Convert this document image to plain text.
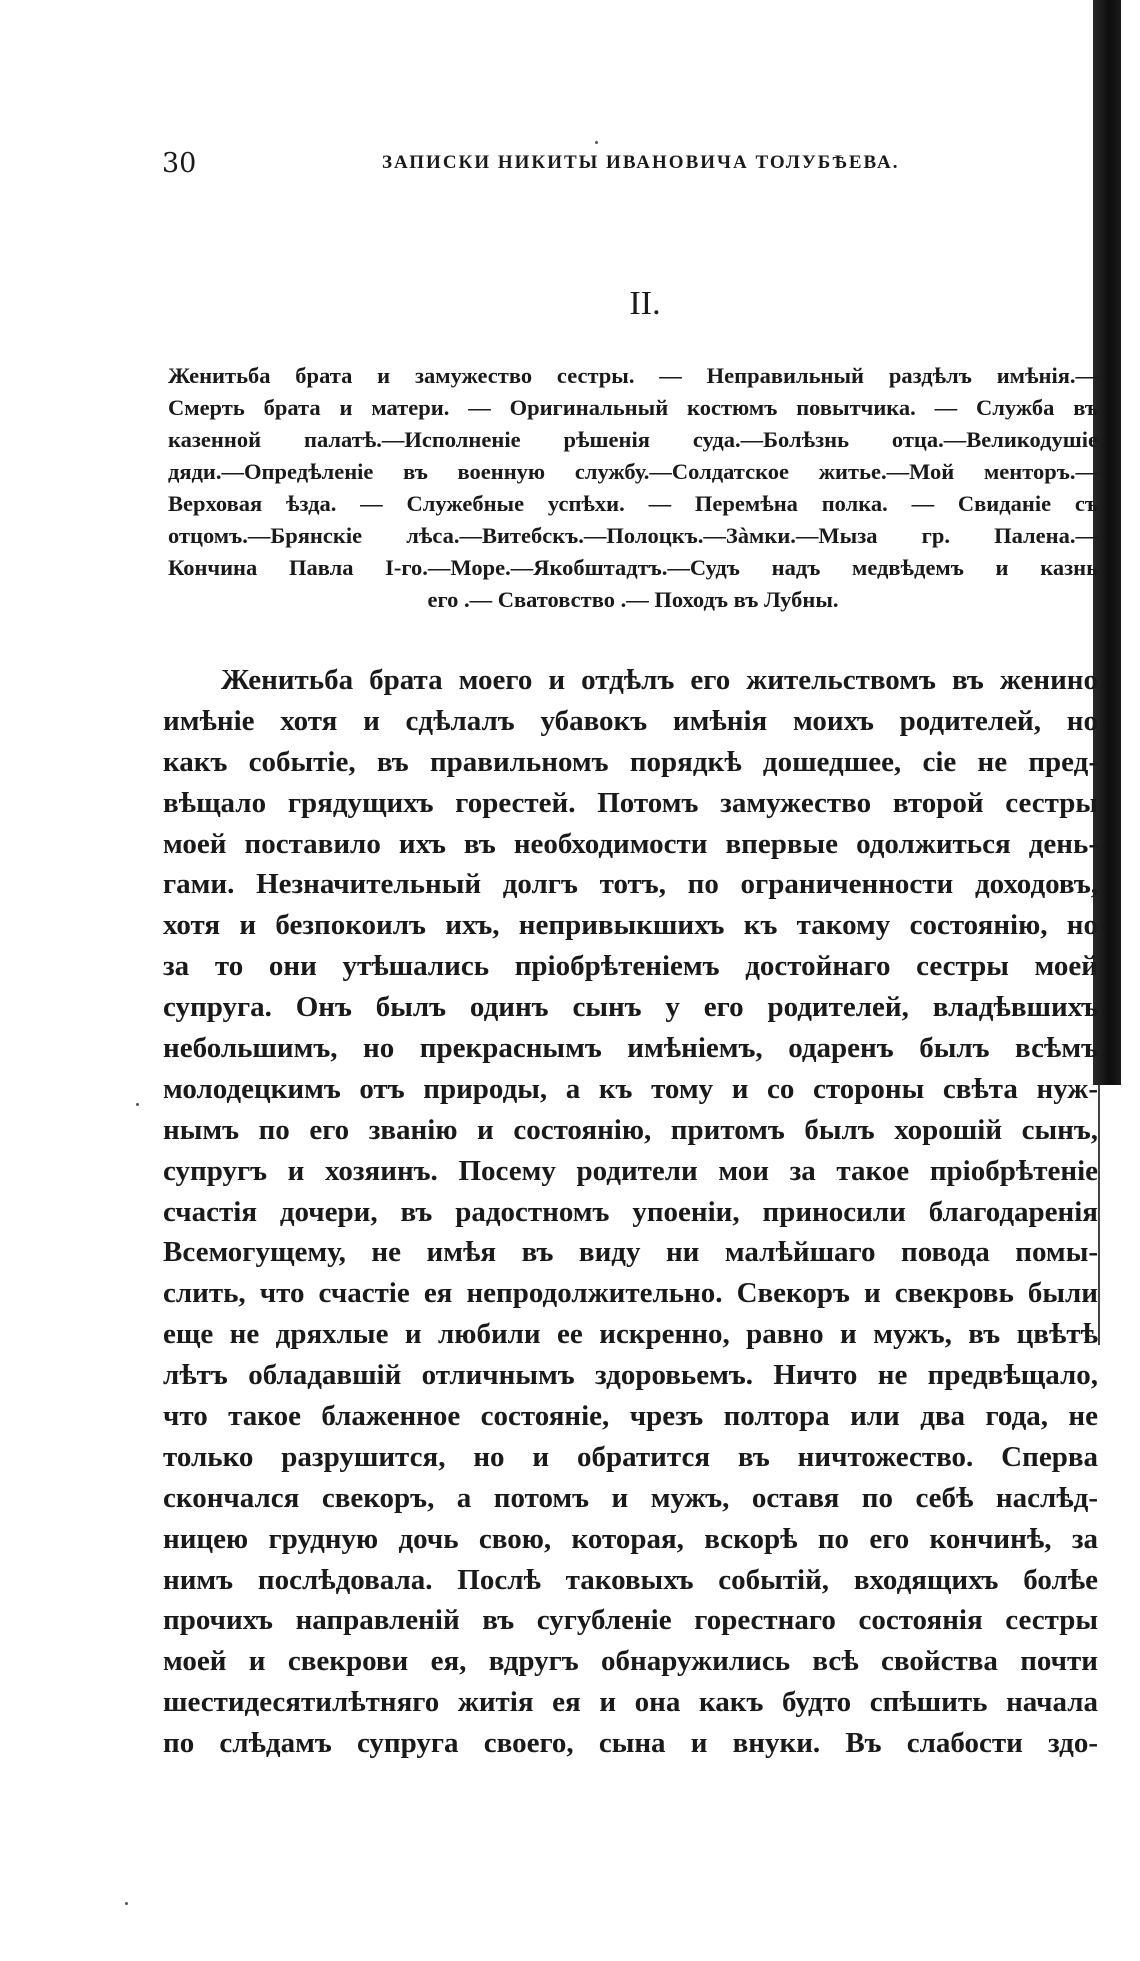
30	ЗАПИСКИ НИКИТЫ ИВАНОВИЧА ТОЛУБѢЕВА.
II.
Женитьба брата и замужество сестры. — Неправильный раздѣлъ имѣнія.—
Смерть брата и матери. — Оригинальный костюмъ повытчика. — Служба въ
казенной палатѣ.—Исполненіе рѣшенія суда.—Болѣзнь отца.—Великодушіе
дяди.—Опредѣленіе въ военную службу.—Солдатское житье.—Мой менторъ.—
Верховая ѣзда. — Служебные успѣхи. — Перемѣна полка. — Свиданіе съ
отцомъ.—Брянскіе лѣса.—Витебскъ.—Полоцкъ.—Зàмки.—Мыза гр. Палена.—
Кончина Павла I-го.—Море.—Якобштадтъ.—Судъ надъ медвѣдемъ и казнь
его .— Сватовство .— Походъ въ Лубны.
Женитьба брата моего и отдѣлъ его жительствомъ въ женино
имѣніе хотя и сдѣлалъ убавокъ имѣнія моихъ родителей, но
какъ событіе, въ правильномъ порядкѣ дошедшее, сіе не пред-
вѣщало грядущихъ горестей. Потомъ замужество второй сестры
моей поставило ихъ въ необходимости впервые одолжиться день-
гами. Незначительный долгъ тотъ, по ограниченности доходовъ,
хотя и безпокоилъ ихъ, непривыкшихъ къ такому состоянію, но
за то они утѣшались пріобрѣтеніемъ достойнаго сестры моей
супруга. Онъ былъ одинъ сынъ у его родителей, владѣвшихъ
небольшимъ, но прекраснымъ имѣніемъ, одаренъ былъ всѣмъ
молодецкимъ отъ природы, а къ тому и со стороны свѣта нуж-
нымъ по его званію и состоянію, притомъ былъ хорошій сынъ,
супругъ и хозяинъ. Посему родители мои за такое пріобрѣтеніе
счастія дочери, въ радостномъ упоеніи, приносили благодаренія
Всемогущему, не имѣя въ виду ни малѣйшаго повода помы-
слить, что счастіе ея непродолжительно. Свекоръ и свекровь были
еще не дряхлые и любили ее искренно, равно и мужъ, въ цвѣтѣ
лѣтъ обладавшій отличнымъ здоровьемъ. Ничто не предвѣщало,
что такое блаженное состояніе, чрезъ полтора или два года, не
только разрушится, но и обратится въ ничтожество. Сперва
скончался свекоръ, а потомъ и мужъ, оставя по себѣ наслѣд-
ницею грудную дочь свою, которая, вскорѣ по его кончинѣ, за
нимъ послѣдовала. Послѣ таковыхъ событій, входящихъ болѣе
прочихъ направленій въ сугубленіе горестнаго состоянія сестры
моей и свекрови ея, вдругъ обнаружились всѣ свойства почти
шестидесятилѣтняго житія ея и она какъ будто спѣшить начала
по слѣдамъ супруга своего, сына и внуки. Въ слабости здо-
